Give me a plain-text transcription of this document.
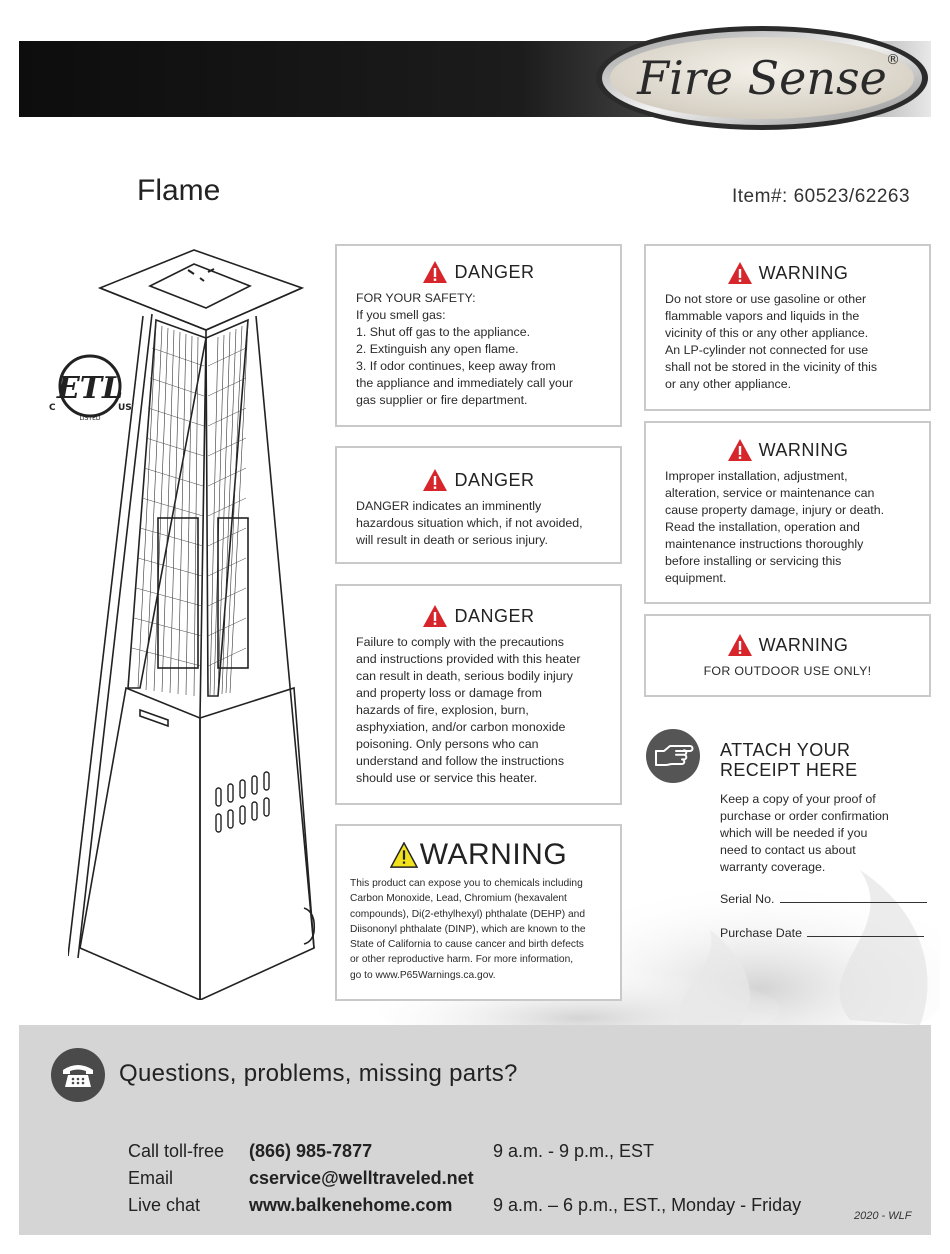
Fire Sense ®
Flame	Item#: 60523/62263
ETL
C	US
LISTED
DANGER
FOR YOUR SAFETY:
If you smell gas:
1. Shut off gas to the appliance.
2. Extinguish any open flame.
3. If odor continues, keep away from
the appliance and immediately call your
gas supplier or fire department.
DANGER
DANGER indicates an imminently
hazardous situation which, if not avoided,
will result in death or serious injury.
DANGER
Failure to comply with the precautions
and instructions provided with this heater
can result in death, serious bodily injury
and property loss or damage from
hazards of fire, explosion, burn,
asphyxiation, and/or carbon monoxide
poisoning. Only persons who can
understand and follow the instructions
should use or service this heater.
WARNING
This product can expose you to chemicals including
Carbon Monoxide, Lead, Chromium (hexavalent
compounds), Di(2-ethylhexyl) phthalate (DEHP) and
Diisononyl phthalate (DINP), which are known to the
State of California to cause cancer and birth defects
or other reproductive harm. For more information,
go to www.P65Warnings.ca.gov.
WARNING
Do not store or use gasoline or other
flammable vapors and liquids in the
vicinity of this or any other appliance.
An LP-cylinder not connected for use
shall not be stored in the vicinity of this
or any other appliance.
WARNING
Improper installation, adjustment,
alteration, service or maintenance can
cause property damage, injury or death.
Read the installation, operation and
maintenance instructions thoroughly
before installing or servicing this
equipment.
WARNING
FOR OUTDOOR USE ONLY!
ATTACH YOUR
RECEIPT HERE
Keep a copy of your proof of
purchase or order confirmation
which will be needed if you
need to contact us about
warranty coverage.
Serial No.
Purchase Date
Questions, problems, missing parts?
Call toll-free (866) 985-7877	9 a.m. - 9 p.m., EST
Email	cservice@welltraveled.net
Live chat	www.balkenehome.com 9 a.m. – 6 p.m., EST., Monday - Friday
2020 - WLF
